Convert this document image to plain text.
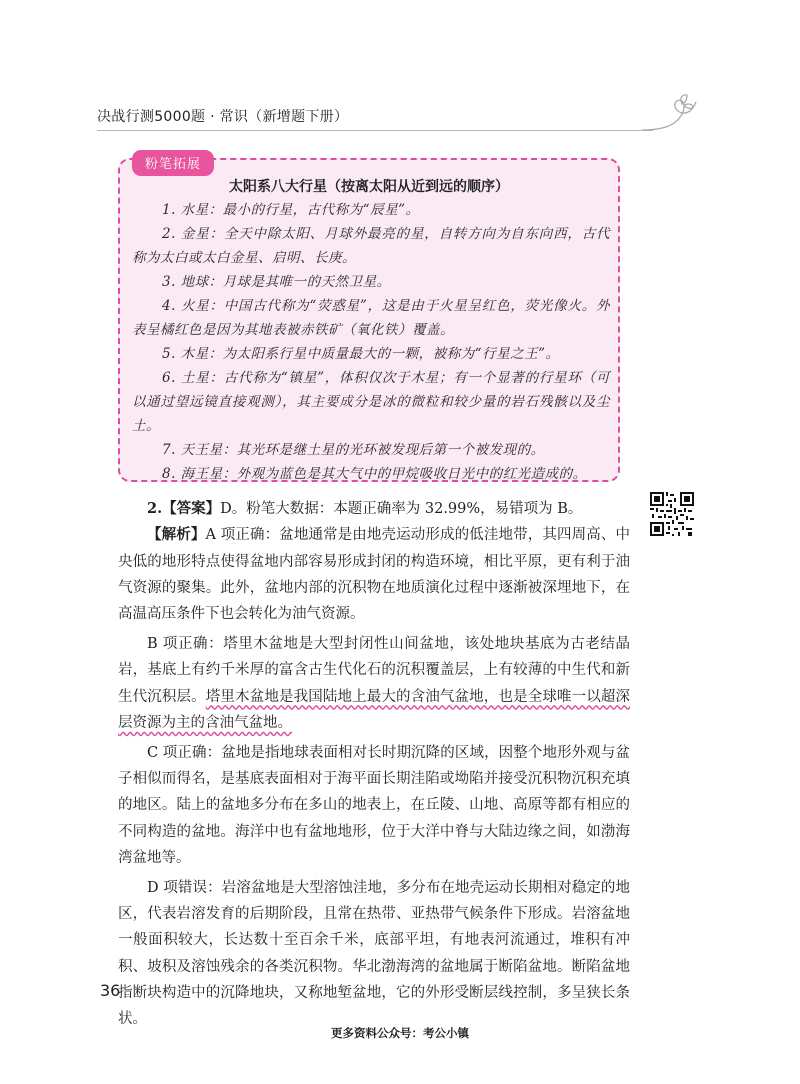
决战行测5000题 · 常识（新增题下册）
粉笔拓展
太阳系八大行星（按离太阳从近到远的顺序）
1. 水星：最小的行星，古代称为“辰星”。
2. 金星：全天中除太阳、月球外最亮的星，自转方向为自东向西，古代称为太白或太白金星、启明、长庚。
3. 地球：月球是其唯一的天然卫星。
4. 火星：中国古代称为“荧惑星”，这是由于火星呈红色，荧光像火。外表呈橘红色是因为其地表被赤铁矿（氧化铁）覆盖。
5. 木星：为太阳系行星中质量最大的一颗，被称为“行星之王”。
6. 土星：古代称为“镇星”，体积仅次于木星；有一个显著的行星环（可以通过望远镜直接观测），其主要成分是冰的微粒和较少量的岩石残骸以及尘土。
7. 天王星：其光环是继土星的光环被发现后第一个被发现的。
8. 海王星：外观为蓝色是其大气中的甲烷吸收日光中的红光造成的。

2.【答案】D。粉笔大数据：本题正确率为 32.99%，易错项为 B。

【解析】A 项正确：盆地通常是由地壳运动形成的低洼地带，其四周高、中央低的地形特点使得盆地内部容易形成封闭的构造环境，相比平原，更有利于油气资源的聚集。此外，盆地内部的沉积物在地质演化过程中逐渐被深埋地下，在高温高压条件下也会转化为油气资源。

B 项正确：塔里木盆地是大型封闭性山间盆地，该处地块基底为古老结晶岩，基底上有约千米厚的富含古生代化石的沉积覆盖层，上有较薄的中生代和新生代沉积层。塔里木盆地是我国陆地上最大的含油气盆地，也是全球唯一以超深层资源为主的含油气盆地。

C 项正确：盆地是指地球表面相对长时期沉降的区域，因整个地形外观与盆子相似而得名，是基底表面相对于海平面长期洼陷或坳陷并接受沉积物沉积充填的地区。陆上的盆地多分布在多山的地表上，在丘陵、山地、高原等都有相应的不同构造的盆地。海洋中也有盆地地形，位于大洋中脊与大陆边缘之间，如渤海湾盆地等。

D 项错误：岩溶盆地是大型溶蚀洼地，多分布在地壳运动长期相对稳定的地区，代表岩溶发育的后期阶段，且常在热带、亚热带气候条件下形成。岩溶盆地一般面积较大，长达数十至百余千米，底部平坦，有地表河流通过，堆积有冲积、坡积及溶蚀残余的各类沉积物。华北渤海湾的盆地属于断陷盆地。断陷盆地指断块构造中的沉降地块，又称地堑盆地，它的外形受断层线控制，多呈狭长条状。

36
更多资料公众号：考公小镇
